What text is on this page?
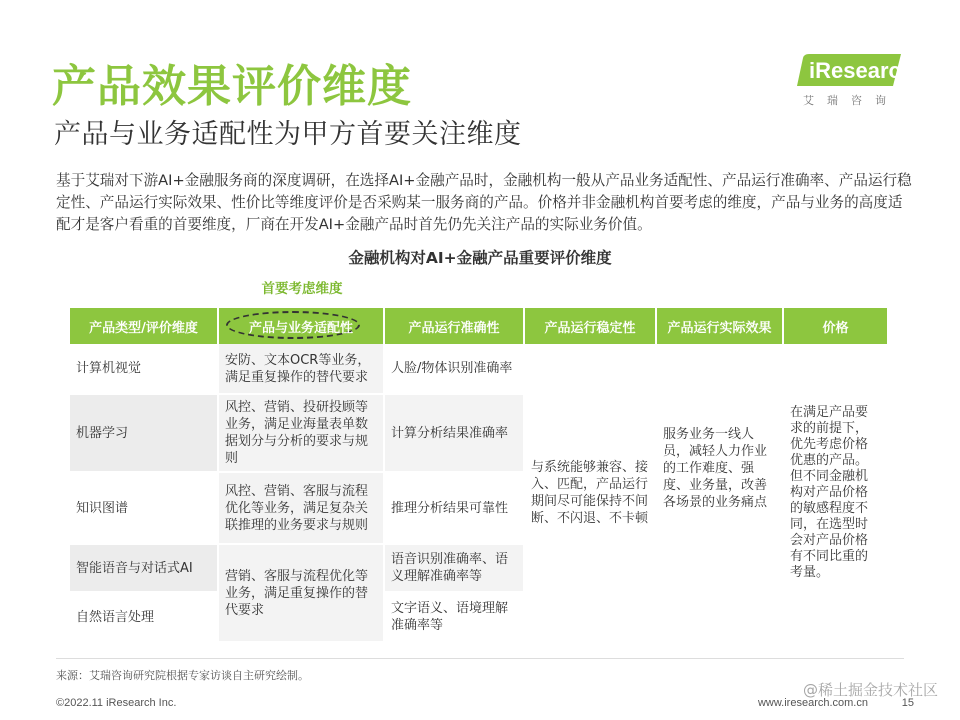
产品效果评价维度
产品与业务适配性为甲方首要关注维度
iResearch
艾瑞咨询
基于艾瑞对下游AI+金融服务商的深度调研，在选择AI+金融产品时，金融机构一般从产品业务适配性、产品运行准确率、产品运行稳定性、产品运行实际效果、性价比等维度评价是否采购某一服务商的产品。价格并非金融机构首要考虑的维度，产品与业务的高度适配才是客户看重的首要维度，厂商在开发AI+金融产品时首先仍先关注产品的实际业务价值。
金融机构对AI+金融产品重要评价维度
首要考虑维度
产品类型/评价维度	产品与业务适配性	产品运行准确性	产品运行稳定性	产品运行实际效果	价格
计算机视觉	安防、文本OCR等业务，满足重复操作的替代要求	人脸/物体识别准确率	与系统能够兼容、接入、匹配，产品运行期间尽可能保持不间断、不闪退、不卡顿	服务业务一线人员，减轻人力作业的工作难度、强度、业务量，改善各场景的业务痛点	在满足产品要求的前提下，优先考虑价格优惠的产品。但不同金融机构对产品价格的敏感程度不同，在选型时会对产品价格有不同比重的考量。
机器学习	风控、营销、投研投顾等业务，满足业海量表单数据划分与分析的要求与规则	计算分析结果准确率			
知识图谱	风控、营销、客服与流程优化等业务，满足复杂关联推理的业务要求与规则	推理分析结果可靠性			
智能语音与对话式AI	营销、客服与流程优化等业务，满足重复操作的替代要求	语音识别准确率、语义理解准确率等			
自然语言处理		文字语义、语境理解准确率等			
来源：艾瑞咨询研究院根据专家访谈自主研究绘制。
©2022.11 iResearch Inc.
@稀土掘金技术社区
www.iresearch.com.cn	15
